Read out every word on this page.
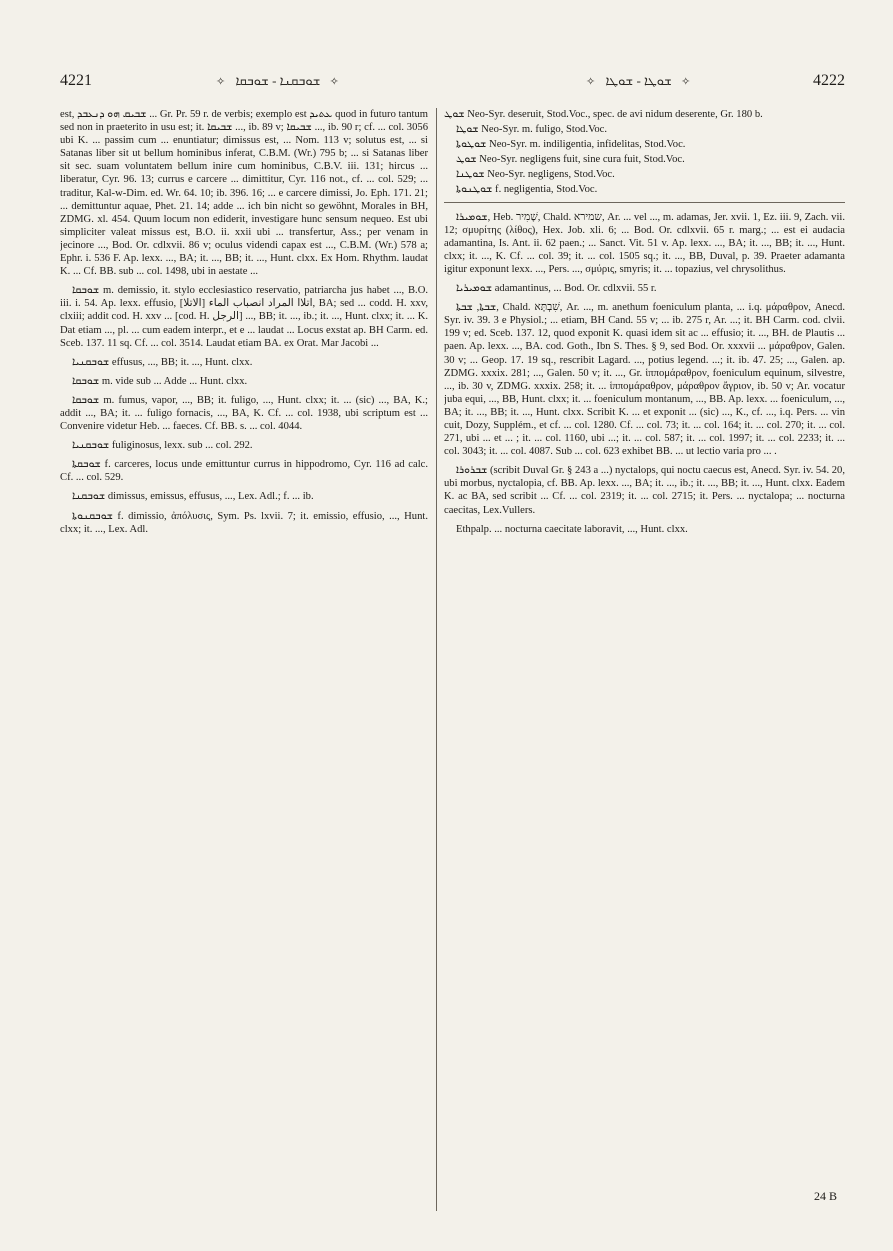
4221	✧ ܫܘܒܩܢܐ - ܫܘܒܩܐ ✧	✧ ܫܘܛܐ - ܫܘܛܐ ✧	4222

est, ܫܒܝܩ ܗܘ ܕܢܥܒܕ ... Gr. Pr. 59 r. de verbis; exemplo est ܥܬܝܕ quod in futuro tantum sed non in praeterito in usu est; it. ܫܒܝܩܐ ..., ib. 89 v; ܫܒܝܩܐ ..., ib. 90 r; cf. ... col. 3056 ubi K. ... passim cum ... enuntiatur; dimissus est, ... Nom. 113 v; solutus est, ... si Satanas liber sit ut bellum hominibus inferat, C.B.M. (Wr.) 795 b; ... si Satanas liber sit sec. suam voluntatem bellum inire cum hominibus, C.B.V. iii. 131; hircus ... liberatur, Cyr. 96. 13; currus e carcere ... dimittitur, Cyr. 116 not., cf. ... col. 529; ... traditur, Kal-w-Dim. ed. Wr. 64. 10; ib. 396. 16; ... e carcere dimissi, Jo. Eph. 171. 21; ... demittuntur aquae, Phet. 21. 14; adde ... ich bin nicht so gewöhnt, Morales in BH, ZDMG. xl. 454. Quum locum non ediderit, investigare hunc sensum nequeo. Est ubi simpliciter valeat missus est, B.O. ii. xxii ubi ... transfertur, Ass.; per venam in jecinore ..., Bod. Or. cdlxvii. 86 v; oculus videndi capax est ..., C.B.M. (Wr.) 578 a; Ephr. i. 536 F. Ap. lexx. ..., BA; it. ..., BB; it. ..., Hunt. clxx. Ex Hom. Rhythm. laudat K. ... Cf. BB. sub ... col. 1498, ubi in aestate ...

ܫܘܒܩܐ m. demissio, it. stylo ecclesiastico reservatio, patriarcha jus habet ..., B.O. iii. i. 54. Ap. lexx. effusio, [الاتلا] اتلاا المراد انصباب الماء, BA; sed ... codd. H. xxv, clxiii; addit cod. H. xxv ... [cod. H. الرجل] ..., BB; it. ..., ib.; it. ..., Hunt. clxx; it. ... K. Dat etiam ..., pl. ... cum eadem interpr., et e ... laudat ... Locus exstat ap. BH Carm. ed. Sceb. 137. 11 sq. Cf. ... col. 3514. Laudat etiam BA. ex Orat. Mar Jacobi ...

ܫܘܒܩܢܝܐ effusus, ..., BB; it. ..., Hunt. clxx.

ܫܘܒܩܐ m. vide sub ... Adde ... Hunt. clxx.

ܫܘܒܩܐ m. fumus, vapor, ..., BB; it. fuligo, ..., Hunt. clxx; it. ... (sic) ..., BA, K.; addit ..., BA; it. ... fuligo fornacis, ..., BA, K. Cf. ... col. 1938, ubi scriptum est ... Convenire videtur Heb. ... faeces. Cf. BB. s. ... col. 4044.

ܫܘܒܩܢܝܐ fuliginosus, lexx. sub ... col. 292.

ܫܘܒܩܬܐ f. carceres, locus unde emittuntur currus in hippodromo, Cyr. 116 ad calc. Cf. ... col. 529.

ܫܘܒܩܢܐ dimissus, emissus, effusus, ..., Lex. Adl.; f. ... ib.

ܫܘܒܩܢܘܬܐ f. dimissio, ἀπόλυσις, Sym. Ps. lxvii. 7; it. emissio, effusio, ..., Hunt. clxx; it. ..., Lex. Adl.

ܫܘܛ Neo-Syr. deseruit, Stod.Voc., spec. de avi nidum deserente, Gr. 180 b.

ܫܘܛܐ Neo-Syr. m. fuligo, Stod.Voc.

ܫܘܛܘܬܐ Neo-Syr. m. indiligentia, infidelitas, Stod.Voc.

ܫܘܛ Neo-Syr. negligens fuit, sine cura fuit, Stod.Voc.

ܫܘܛܢܐ Neo-Syr. negligens, Stod.Voc.

ܫܘܛܢܘܬܐ f. negligentia, Stod.Voc.

ܫܘܡܝܪܐ, Heb. שָׁמִיר, Chald. שמירא, Ar. ... vel ..., m. adamas, Jer. xvii. 1, Ez. iii. 9, Zach. vii. 12; σμυρίτης (λίθος), Hex. Job. xli. 6; ... Bod. Or. cdlxvii. 65 r. marg.; ... est ei audacia adamantina, Is. Ant. ii. 62 paen.; ... Sanct. Vit. 51 v. Ap. lexx. ..., BA; it. ..., BB; it. ..., Hunt. clxx; it. ..., K. Cf. ... col. 39; it. ... col. 1505 sq.; it. ..., BB, Duval, p. 39. Praeter adamanta igitur exponunt lexx. ..., Pers. ..., σμύρις, smyris; it. ... topazius, vel chrysolithus.

ܫܘܡܝܪܝܐ adamantinus, ... Bod. Or. cdlxvii. 55 r.

ܫܒܬܐ, ܫܒܬܐ, Chald. שִׁבְתָּא, Ar. ..., m. anethum foeniculum planta, ... i.q. μάραθρον, Anecd. Syr. iv. 39. 3 e Physiol.; ... etiam, BH Cand. 55 v; ... ib. 275 r, Ar. ...; it. BH Carm. cod. clvii. 199 v; ed. Sceb. 137. 12, quod exponit K. quasi idem sit ac ... effusio; it. ..., BH. de Plautis ... paen. Ap. lexx. ..., BA. cod. Goth., Ibn S. Thes. § 9, sed Bod. Or. xxxvii ... μάραθρον, Galen. 30 v; ... Geop. 17. 19 sq., rescribit Lagard. ..., potius legend. ...; it. ib. 47. 25; ..., Galen. ap. ZDMG. xxxix. 281; ..., Galen. 50 v; it. ..., Gr. ἱππομάραθρον, foeniculum equinum, silvestre, ..., ib. 30 v, ZDMG. xxxix. 258; it. ... ἱππομάραθρον, μάραθρον ἄγριον, ib. 50 v; Ar. vocatur juba equi, ..., BB, Hunt. clxx; it. ... foeniculum montanum, ..., BB. Ap. lexx. ... foeniculum, ..., BA; it. ..., BB; it. ..., Hunt. clxx. Scribit K. ... et exponit ... (sic) ..., K., cf. ..., i.q. Pers. ... vin cuit, Dozy, Supplém., et cf. ... col. 1280. Cf. ... col. 73; it. ... col. 164; it. ... col. 270; it. ... col. 271, ubi ... et ... ; it. ... col. 1160, ubi ...; it. ... col. 587; it. ... col. 1997; it. ... col. 2233; it. ... col. 3043; it. ... col. 4087. Sub ... col. 623 exhibet BB. ... ut lectio varia pro ... .

ܫܒܪܘܪܐ (scribit Duval Gr. § 243 a ...) nyctalops, qui noctu caecus est, Anecd. Syr. iv. 54. 20, ubi morbus, nyctalopia, cf. BB. Ap. lexx. ..., BA; it. ..., ib.; it. ..., BB; it. ..., Hunt. clxx. Eadem K. ac BA, sed scribit ... Cf. ... col. 2319; it. ... col. 2715; it. Pers. ... nyctalopa; ... nocturna caecitas, Lex.Vullers.

Ethpalp. ... nocturna caecitate laboravit, ..., Hunt. clxx.

24 B
